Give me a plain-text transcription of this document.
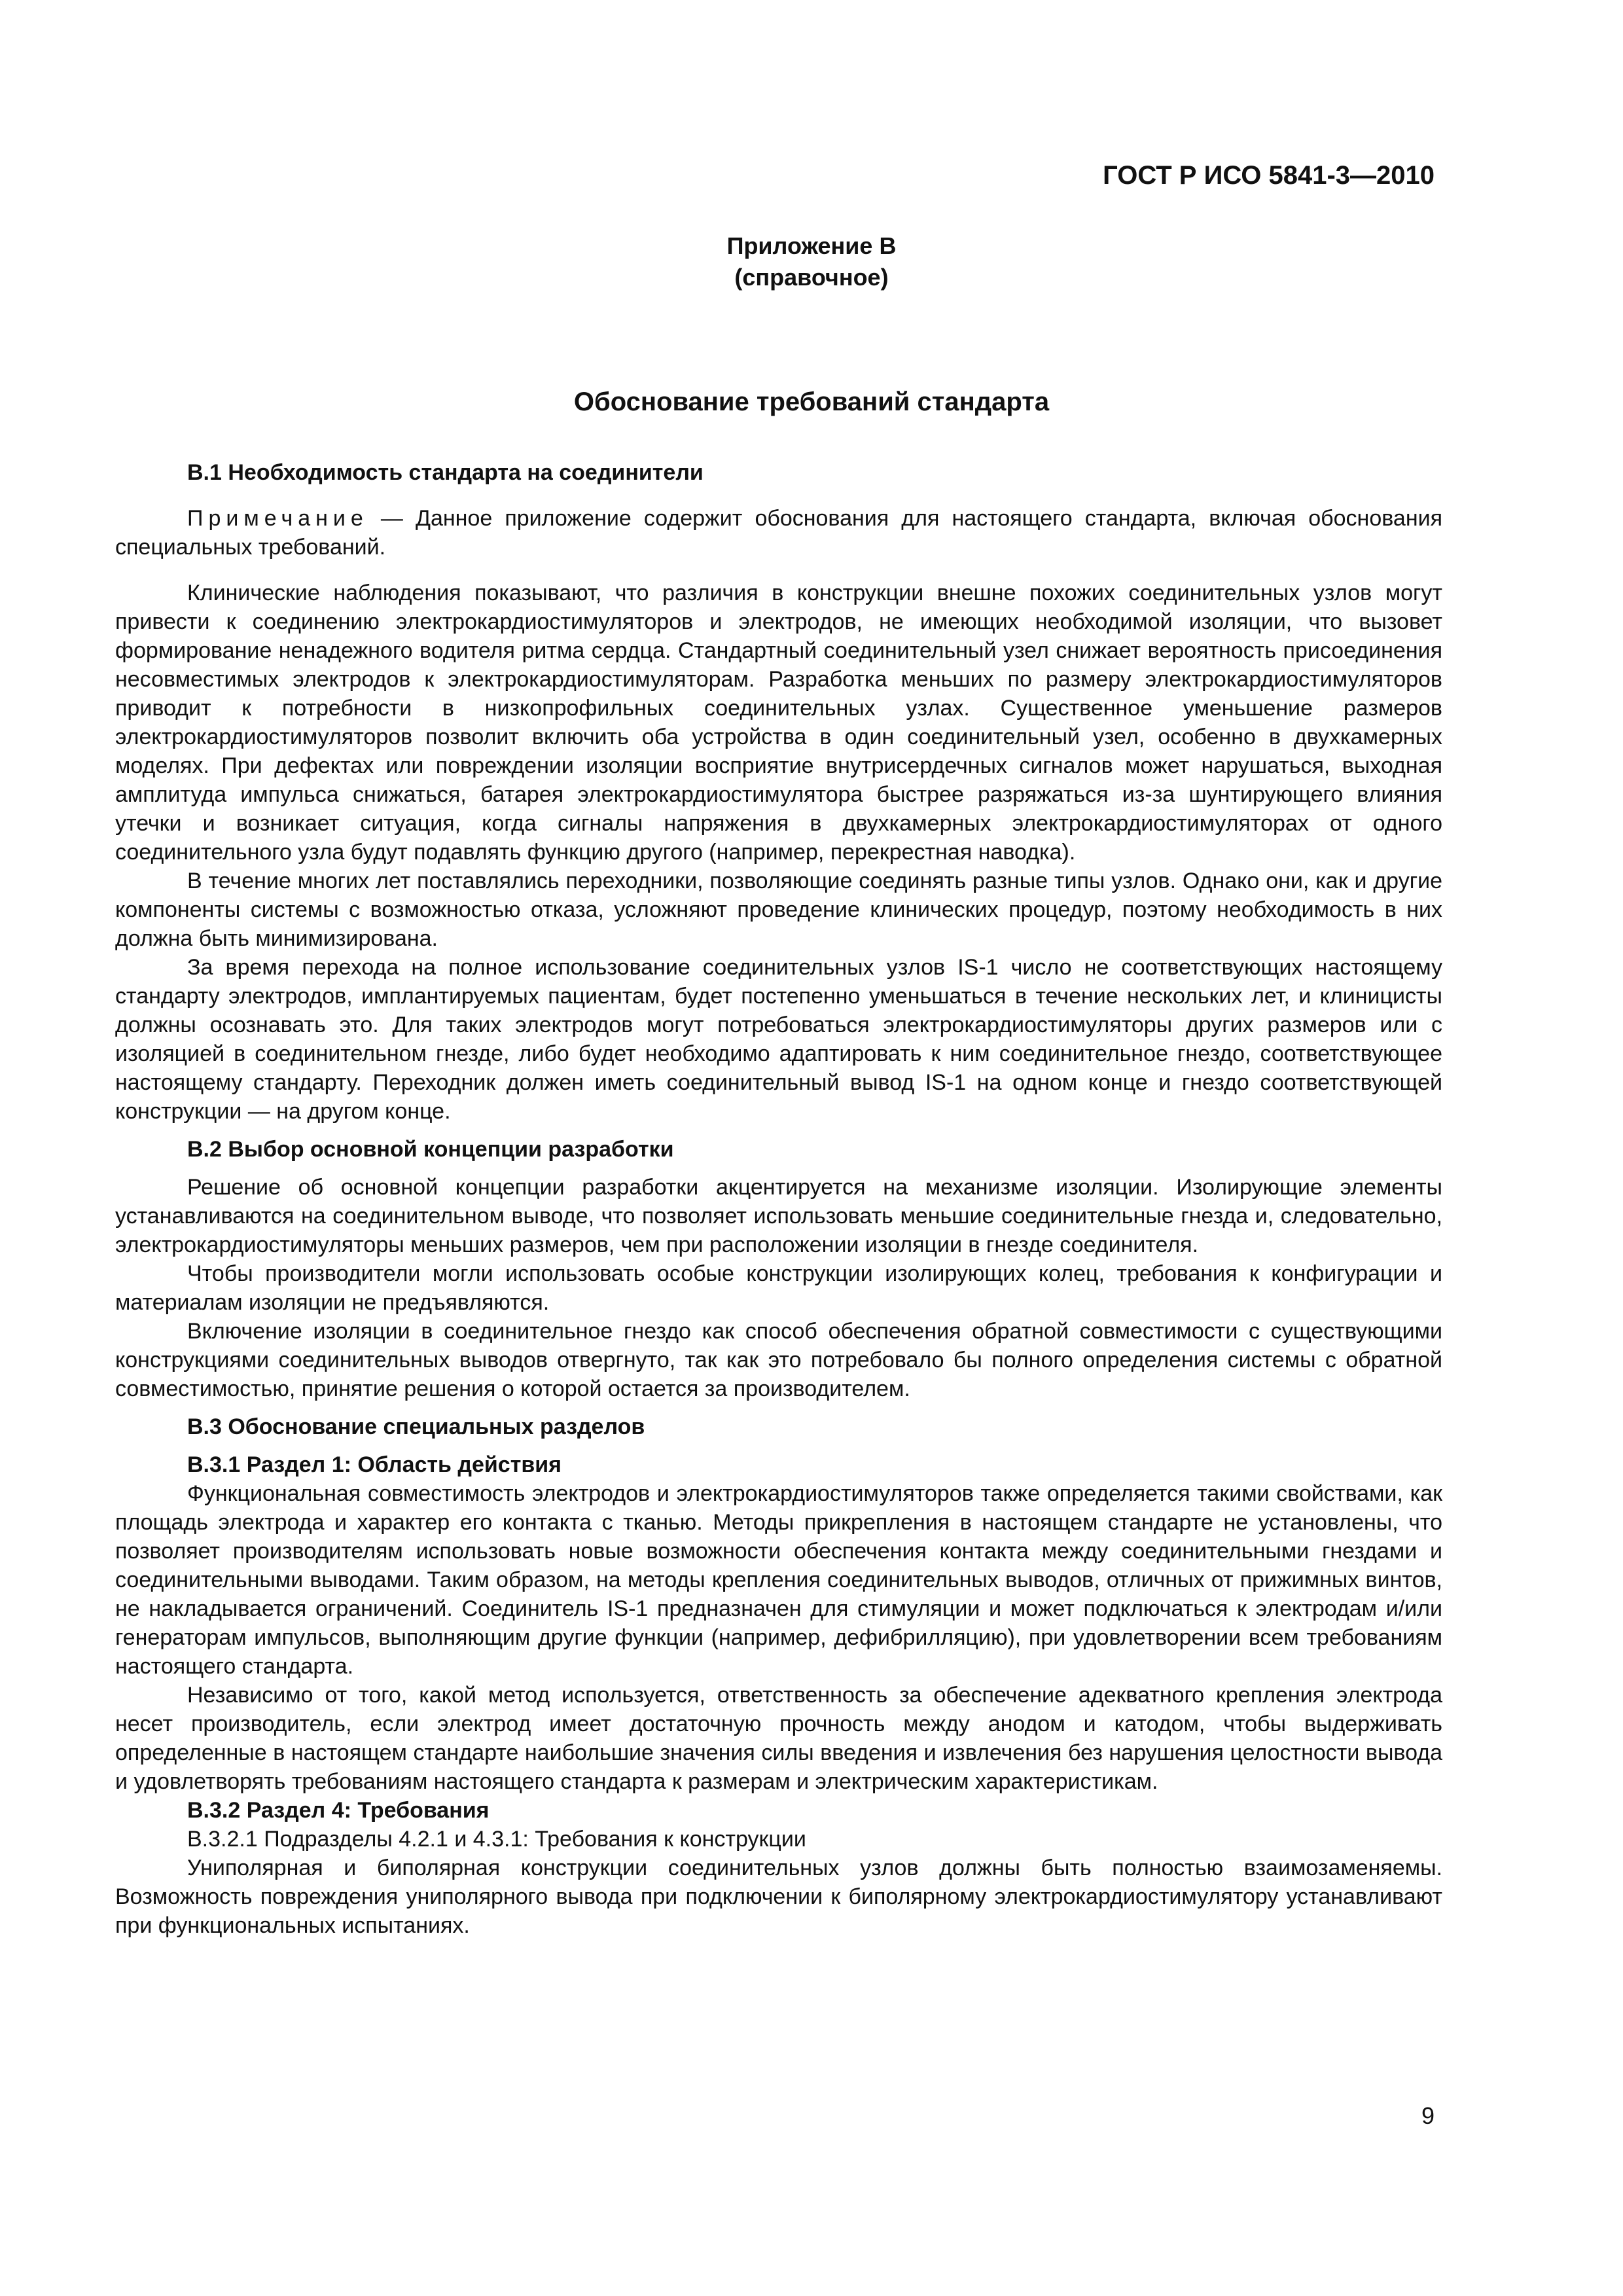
ГОСТ Р ИСО 5841-3—2010

Приложение В
(справочное)
Обоснование требований стандарта
В.1 Необходимость стандарта на соединители

Примечание — Данное приложение содержит обоснования для настоящего стандарта, включая обоснования специальных требований.

Клинические наблюдения показывают, что различия в конструкции внешне похожих соединительных узлов могут привести к соединению электрокардиостимуляторов и электродов, не имеющих необходимой изоляции, что вызовет формирование ненадежного водителя ритма сердца. Стандартный соединительный узел снижает вероятность присоединения несовместимых электродов к электрокардиостимуляторам. Разработка меньших по размеру электрокардиостимуляторов приводит к потребности в низкопрофильных соединительных узлах. Существенное уменьшение размеров электрокардиостимуляторов позволит включить оба устройства в один соединительный узел, особенно в двухкамерных моделях. При дефектах или повреждении изоляции восприятие внутрисердечных сигналов может нарушаться, выходная амплитуда импульса снижаться, батарея электрокардиостимулятора быстрее разряжаться из-за шунтирующего влияния утечки и возникает ситуация, когда сигналы напряжения в двухкамерных электрокардиостимуляторах от одного соединительного узла будут подавлять функцию другого (например, перекрестная наводка).

В течение многих лет поставлялись переходники, позволяющие соединять разные типы узлов. Однако они, как и другие компоненты системы с возможностью отказа, усложняют проведение клинических процедур, поэтому необходимость в них должна быть минимизирована.

За время перехода на полное использование соединительных узлов IS-1 число не соответствующих настоящему стандарту электродов, имплантируемых пациентам, будет постепенно уменьшаться в течение нескольких лет, и клиницисты должны осознавать это. Для таких электродов могут потребоваться электрокардиостимуляторы других размеров или с изоляцией в соединительном гнезде, либо будет необходимо адаптировать к ним соединительное гнездо, соответствующее настоящему стандарту. Переходник должен иметь соединительный вывод IS-1 на одном конце и гнездо соответствующей конструкции — на другом конце.

В.2 Выбор основной концепции разработки

Решение об основной концепции разработки акцентируется на механизме изоляции. Изолирующие элементы устанавливаются на соединительном выводе, что позволяет использовать меньшие соединительные гнезда и, следовательно, электрокардиостимуляторы меньших размеров, чем при расположении изоляции в гнезде соединителя.

Чтобы производители могли использовать особые конструкции изолирующих колец, требования к конфигурации и материалам изоляции не предъявляются.

Включение изоляции в соединительное гнездо как способ обеспечения обратной совместимости с существующими конструкциями соединительных выводов отвергнуто, так как это потребовало бы полного определения системы с обратной совместимостью, принятие решения о которой остается за производителем.

В.3 Обоснование специальных разделов
В.3.1 Раздел 1: Область действия

Функциональная совместимость электродов и электрокардиостимуляторов также определяется такими свойствами, как площадь электрода и характер его контакта с тканью. Методы прикрепления в настоящем стандарте не установлены, что позволяет производителям использовать новые возможности обеспечения контакта между соединительными гнездами и соединительными выводами. Таким образом, на методы крепления соединительных выводов, отличных от прижимных винтов, не накладывается ограничений. Соединитель IS-1 предназначен для стимуляции и может подключаться к электродам и/или генераторам импульсов, выполняющим другие функции (например, дефибрилляцию), при удовлетворении всем требованиям настоящего стандарта.

Независимо от того, какой метод используется, ответственность за обеспечение адекватного крепления электрода несет производитель, если электрод имеет достаточную прочность между анодом и катодом, чтобы выдерживать определенные в настоящем стандарте наибольшие значения силы введения и извлечения без нарушения целостности вывода и удовлетворять требованиям настоящего стандарта к размерам и электрическим характеристикам.

В.3.2 Раздел 4: Требования

В.3.2.1 Подразделы 4.2.1 и 4.3.1: Требования к конструкции

Униполярная и биполярная конструкции соединительных узлов должны быть полностью взаимозаменяемы. Возможность повреждения униполярного вывода при подключении к биполярному электрокардиостимулятору устанавливают при функциональных испытаниях.

9
